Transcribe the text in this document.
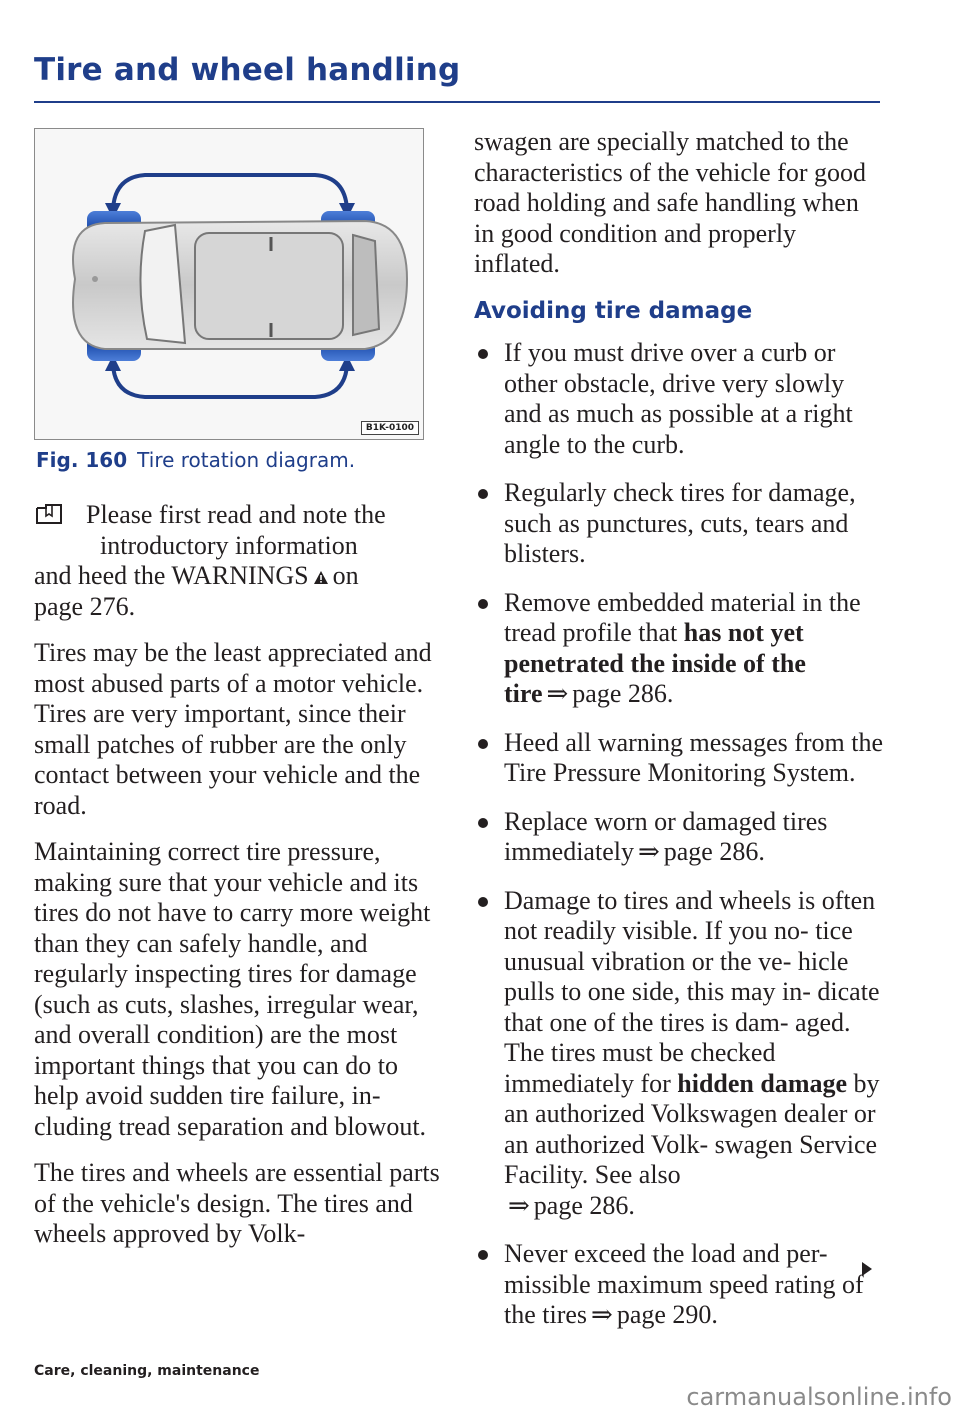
Tire and wheel handling
B1K-0100
Fig. 160 Tire rotation diagram.

Please first read and note the
introductory information
and heed the WARNINGS on
page 276.

Tires may be the least appreciated and most abused parts of a motor vehicle. Tires are very important, since their small patches of rubber are the only contact between your vehicle and the road.

Maintaining correct tire pressure, making sure that your vehicle and its tires do not have to carry more weight than they can safely handle, and regularly inspecting tires for damage (such as cuts, slashes, irregular wear, and overall condition) are the most important things that you can do to help avoid sudden tire failure, in- cluding tread separation and blowout.

The tires and wheels are essential parts of the vehicle's design. The tires and wheels approved by Volk-

swagen are specially matched to the characteristics of the vehicle for good road holding and safe handling when in good condition and properly inflated.

Avoiding tire damage
If you must drive over a curb or other obstacle, drive very slowly and as much as possible at a right angle to the curb.
Regularly check tires for damage, such as punctures, cuts, tears and blisters.
Remove embedded material in the tread profile that has not yet penetrated the inside of the tire ⇒ page 286.
Heed all warning messages from the Tire Pressure Monitoring System.
Replace worn or damaged tires immediately ⇒ page 286.
Damage to tires and wheels is often not readily visible. If you no- tice unusual vibration or the ve- hicle pulls to one side, this may in- dicate that one of the tires is dam- aged. The tires must be checked immediately for hidden damage by an authorized Volkswagen dealer or an authorized Volk- swagen Service Facility. See also
⇒ page 286.
Never exceed the load and per- missible maximum speed rating of the tires ⇒ page 290.
Care, cleaning, maintenance
carmanualsonline.info
